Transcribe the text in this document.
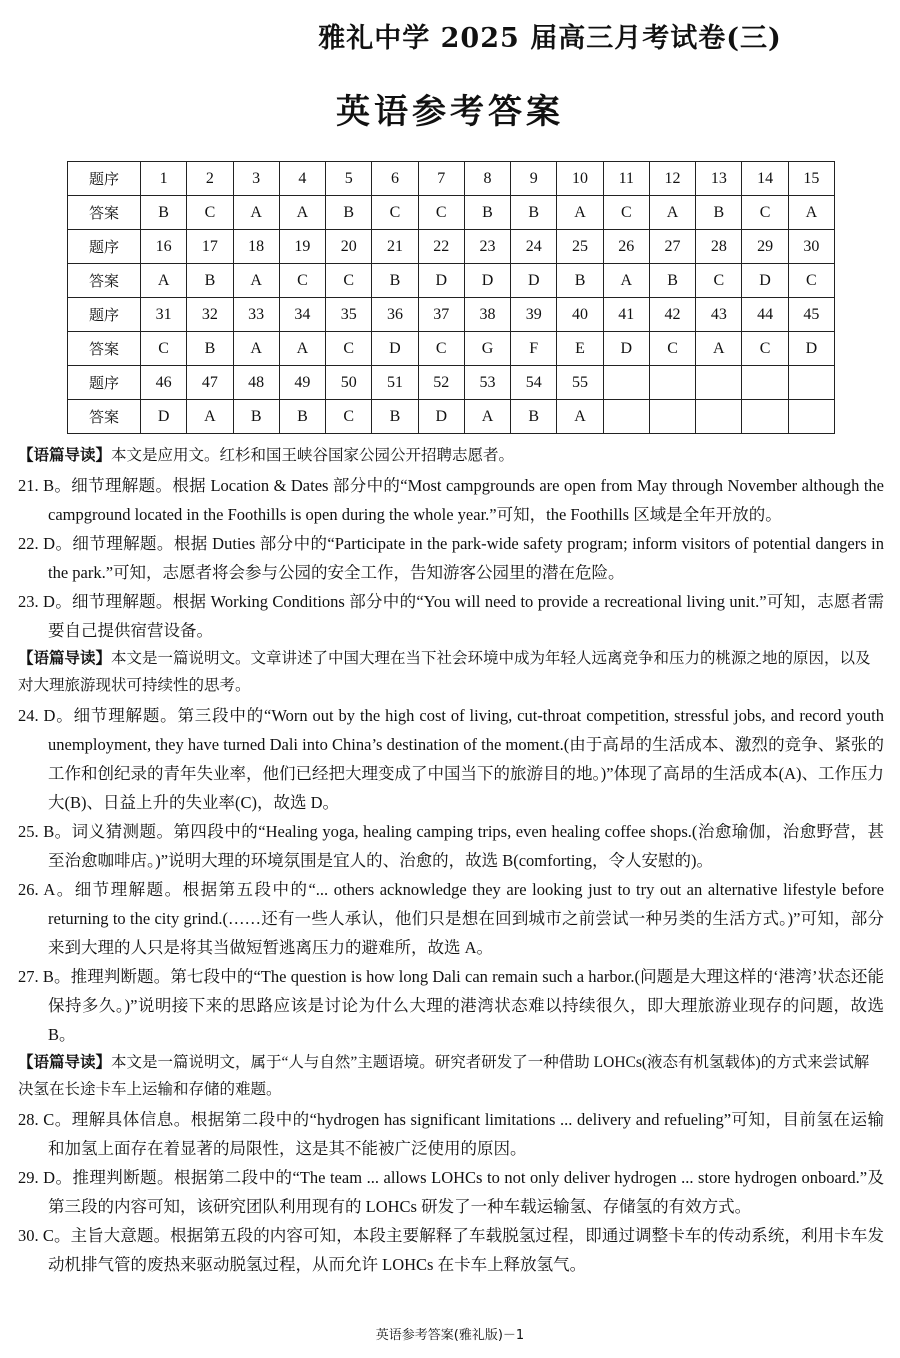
雅礼中学 2025 届高三月考试卷(三)
英语参考答案
题序	1	2	3	4	5	6	7	8	9	10	11	12	13	14	15
答案	B	C	A	A	B	C	C	B	B	A	C	A	B	C	A
题序	16	17	18	19	20	21	22	23	24	25	26	27	28	29	30
答案	A	B	A	C	C	B	D	D	D	B	A	B	C	D	C
题序	31	32	33	34	35	36	37	38	39	40	41	42	43	44	45
答案	C	B	A	A	C	D	C	G	F	E	D	C	A	C	D
题序	46	47	48	49	50	51	52	53	54	55					
答案	D	A	B	B	C	B	D	A	B	A					

【语篇导读】本文是应用文。红杉和国王峡谷国家公园公开招聘志愿者。

21. B。细节理解题。根据 Location & Dates 部分中的“Most campgrounds are open from May through November although the campground located in the Foothills is open during the whole year.”可知，the Foothills 区域是全年开放的。

22. D。细节理解题。根据 Duties 部分中的“Participate in the park-wide safety program; inform visitors of potential dangers in the park.”可知，志愿者将会参与公园的安全工作，告知游客公园里的潜在危险。

23. D。细节理解题。根据 Working Conditions 部分中的“You will need to provide a recreational living unit.”可知，志愿者需要自己提供宿营设备。

【语篇导读】本文是一篇说明文。文章讲述了中国大理在当下社会环境中成为年轻人远离竞争和压力的桃源之地的原因，以及对大理旅游现状可持续性的思考。

24. D。细节理解题。第三段中的“Worn out by the high cost of living, cut-throat competition, stressful jobs, and record youth unemployment, they have turned Dali into China’s destination of the moment.(由于高昂的生活成本、激烈的竞争、紧张的工作和创纪录的青年失业率，他们已经把大理变成了中国当下的旅游目的地。)”体现了高昂的生活成本(A)、工作压力大(B)、日益上升的失业率(C)，故选 D。

25. B。词义猜测题。第四段中的“Healing yoga, healing camping trips, even healing coffee shops.(治愈瑜伽，治愈野营，甚至治愈咖啡店。)”说明大理的环境氛围是宜人的、治愈的，故选 B(comforting，令人安慰的)。

26. A。细节理解题。根据第五段中的“... others acknowledge they are looking just to try out an alternative lifestyle before returning to the city grind.(……还有一些人承认，他们只是想在回到城市之前尝试一种另类的生活方式。)”可知，部分来到大理的人只是将其当做短暂逃离压力的避难所，故选 A。

27. B。推理判断题。第七段中的“The question is how long Dali can remain such a harbor.(问题是大理这样的‘港湾’状态还能保持多久。)”说明接下来的思路应该是讨论为什么大理的港湾状态难以持续很久，即大理旅游业现存的问题，故选 B。

【语篇导读】本文是一篇说明文，属于“人与自然”主题语境。研究者研发了一种借助 LOHCs(液态有机氢载体)的方式来尝试解决氢在长途卡车上运输和存储的难题。

28. C。理解具体信息。根据第二段中的“hydrogen has significant limitations ... delivery and refueling”可知，目前氢在运输和加氢上面存在着显著的局限性，这是其不能被广泛使用的原因。

29. D。推理判断题。根据第二段中的“The team ... allows LOHCs to not only deliver hydrogen ... store hydrogen onboard.”及第三段的内容可知，该研究团队利用现有的 LOHCs 研发了一种车载运输氢、存储氢的有效方式。

30. C。主旨大意题。根据第五段的内容可知，本段主要解释了车载脱氢过程，即通过调整卡车的传动系统，利用卡车发动机排气管的废热来驱动脱氢过程，从而允许 LOHCs 在卡车上释放氢气。

英语参考答案(雅礼版)－1
